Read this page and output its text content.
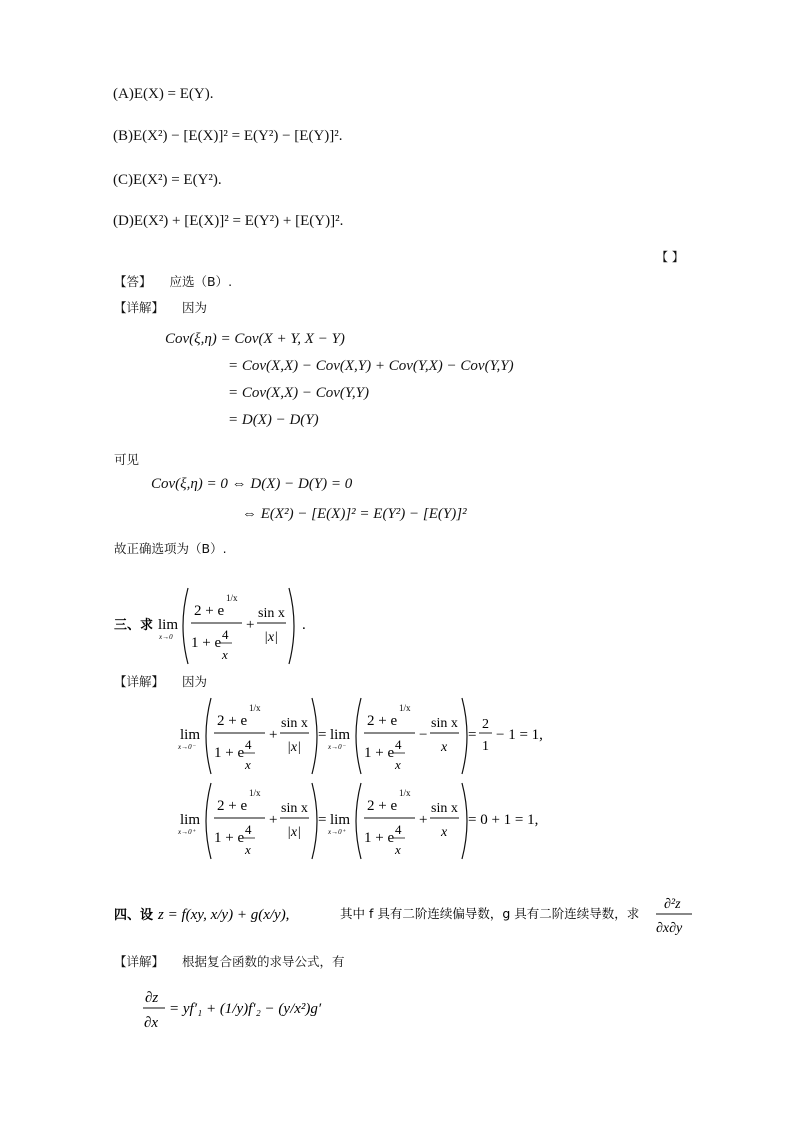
(A)E(X) = E(Y).
(B)E(X²) − [E(X)]² = E(Y²) − [E(Y)]².
(C)E(X²) = E(Y²).
(D)E(X²) + [E(X)]² = E(Y²) + [E(Y)]².
【 】
【答】 应选（B）.
【详解】 因为
Cov(ξ,η) = Cov(X + Y, X − Y)
= Cov(X,X) − Cov(X,Y) + Cov(Y,X) − Cov(Y,Y)
= Cov(X,X) − Cov(Y,Y)
= D(X) − D(Y)
可见
Cov(ξ,η) = 0 ⇔ D(X) − D(Y) = 0
⇔ E(X²) − [E(X)]² = E(Y²) − [E(Y)]²
故正确选项为（B）.
三、求 lim
x→0
2 + e
1/x
1 + e
4
x
+
sin x
|x|
.
【详解】 因为
lim
x→0⁻
2 + e
1/x
1 + e
4
x
+
sin x
|x|
= lim
x→0⁻
2 + e
1/x
1 + e
4
x
−
sin x
x
=
2
1
− 1 = 1,
lim
x→0⁺
2 + e
1/x
1 + e
4
x
+
sin x
|x|
= lim
x→0⁺
2 + e
1/x
1 + e
4
x
+
sin x
x
= 0 + 1 = 1,
四、设 z = f(xy, x/y) + g(x/y),	其中 f 具有二阶连续偏导数，g 具有二阶连续导数，求
∂²z
∂x∂y
【详解】 根据复合函数的求导公式，有
∂z
∂x
= yf′₁ + (1/y)f′₂ − (y/x²)g′
